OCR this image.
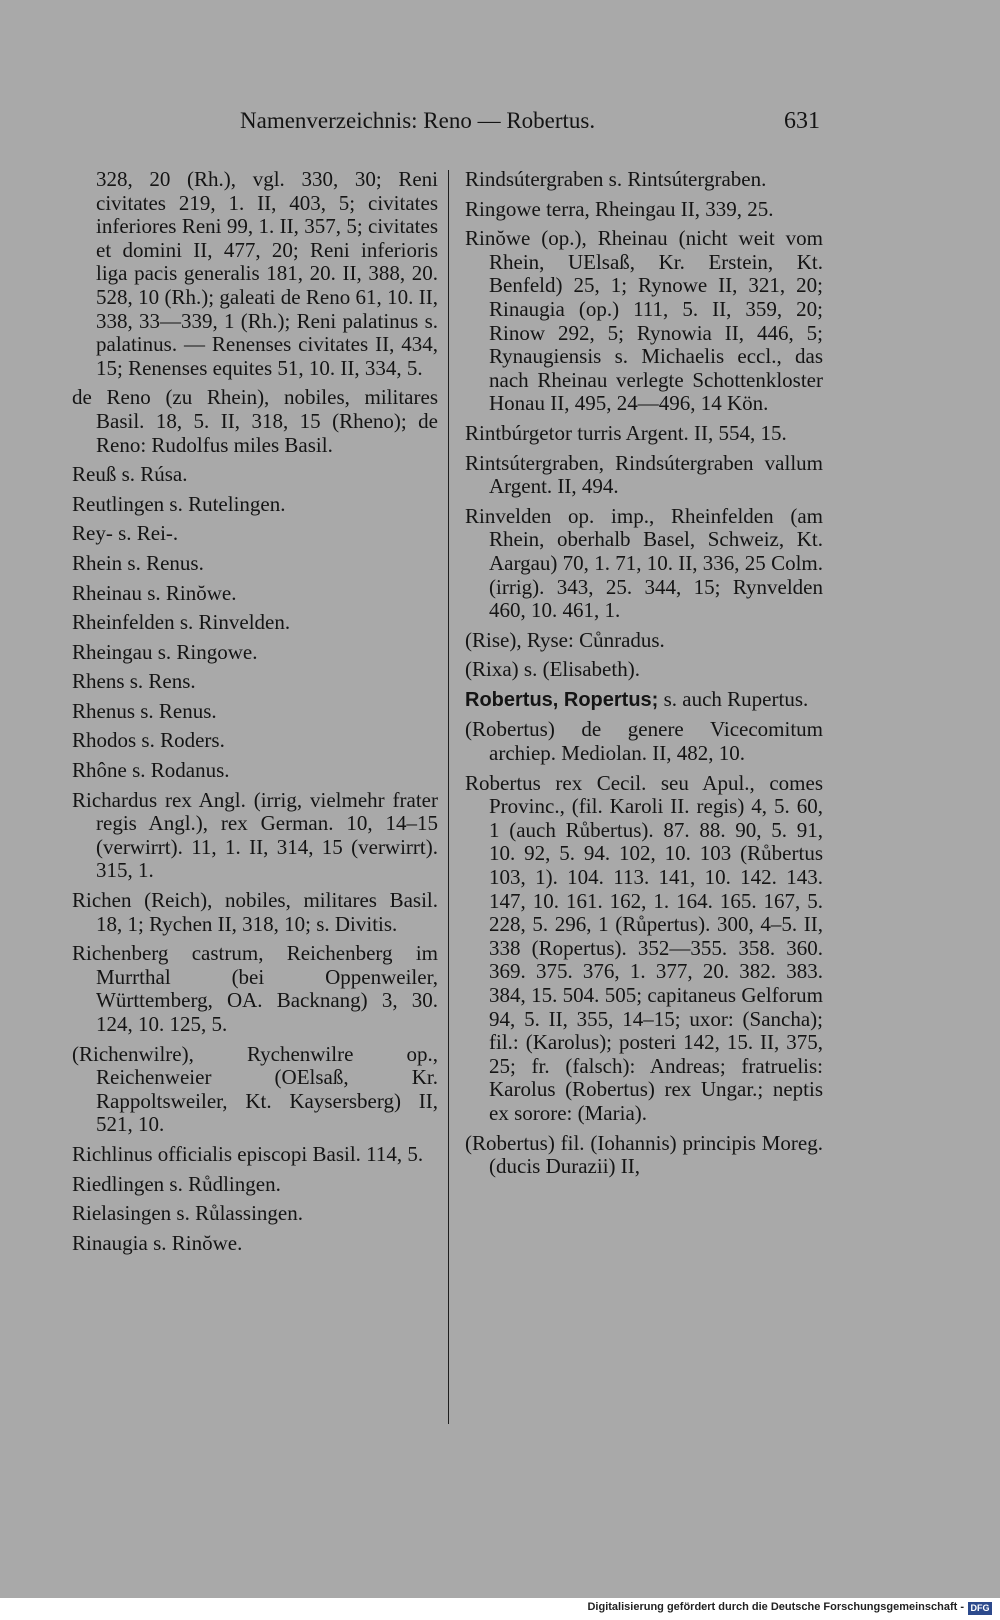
Namenverzeichnis: Reno — Robertus.	631

328, 20 (Rh.), vgl. 330, 30; Reni civitates 219, 1. II, 403, 5; civitates inferiores Reni 99, 1. II, 357, 5; civitates et domini II, 477, 20; Reni inferioris liga pacis generalis 181, 20. II, 388, 20. 528, 10 (Rh.); galeati de Reno 61, 10. II, 338, 33—339, 1 (Rh.); Reni palatinus s. palatinus. — Renenses civitates II, 434, 15; Renenses equites 51, 10. II, 334, 5.

de Reno (zu Rhein), nobiles, militares Basil. 18, 5. II, 318, 15 (Rheno); de Reno: Rudolfus miles Basil.

Reuß s. Rúsa.

Reutlingen s. Rutelingen.

Rey- s. Rei-.

Rhein s. Renus.

Rheinau s. Rinŏwe.

Rheinfelden s. Rinvelden.

Rheingau s. Ringowe.

Rhens s. Rens.

Rhenus s. Renus.

Rhodos s. Roders.

Rhône s. Rodanus.

Richardus rex Angl. (irrig, vielmehr frater regis Angl.), rex German. 10, 14–15 (verwirrt). 11, 1. II, 314, 15 (verwirrt). 315, 1.

Richen (Reich), nobiles, militares Basil. 18, 1; Rychen II, 318, 10; s. Divitis.

Richenberg castrum, Reichenberg im Murrthal (bei Oppenweiler, Württemberg, OA. Backnang) 3, 30. 124, 10. 125, 5.

(Richenwilre), Rychenwilre op., Reichenweier (OElsaß, Kr. Rappoltsweiler, Kt. Kaysersberg) II, 521, 10.

Richlinus officialis episcopi Basil. 114, 5.

Riedlingen s. Růdlingen.

Rielasingen s. Růlassingen.

Rinaugia s. Rinŏwe.

Rindsútergraben s. Rintsútergraben.

Ringowe terra, Rheingau II, 339, 25.

Rinŏwe (op.), Rheinau (nicht weit vom Rhein, UElsaß, Kr. Erstein, Kt. Benfeld) 25, 1; Rynowe II, 321, 20; Rinaugia (op.) 111, 5. II, 359, 20; Rinow 292, 5; Rynowia II, 446, 5; Rynaugiensis s. Michaelis eccl., das nach Rheinau verlegte Schottenkloster Honau II, 495, 24—496, 14 Kön.

Rintbúrgetor turris Argent. II, 554, 15.

Rintsútergraben, Rindsútergraben vallum Argent. II, 494.

Rinvelden op. imp., Rheinfelden (am Rhein, oberhalb Basel, Schweiz, Kt. Aargau) 70, 1. 71, 10. II, 336, 25 Colm. (irrig). 343, 25. 344, 15; Rynvelden 460, 10. 461, 1.

(Rise), Ryse: Cůnradus.

(Rixa) s. (Elisabeth).

Robertus, Ropertus; s. auch Rupertus.

(Robertus) de genere Vicecomitum archiep. Mediolan. II, 482, 10.

Robertus rex Cecil. seu Apul., comes Provinc., (fil. Karoli II. regis) 4, 5. 60, 1 (auch Růbertus). 87. 88. 90, 5. 91, 10. 92, 5. 94. 102, 10. 103 (Růbertus 103, 1). 104. 113. 141, 10. 142. 143. 147, 10. 161. 162, 1. 164. 165. 167, 5. 228, 5. 296, 1 (Růpertus). 300, 4–5. II, 338 (Ropertus). 352—355. 358. 360. 369. 375. 376, 1. 377, 20. 382. 383. 384, 15. 504. 505; capitaneus Gelforum 94, 5. II, 355, 14–15; uxor: (Sancha); fil.: (Karolus); posteri 142, 15. II, 375, 25; fr. (falsch): Andreas; fratruelis: Karolus (Robertus) rex Ungar.; neptis ex sorore: (Maria).

(Robertus) fil. (Iohannis) principis Moreg. (ducis Durazii) II,

Digitalisierung gefördert durch die Deutsche Forschungsgemeinschaft - DFG
